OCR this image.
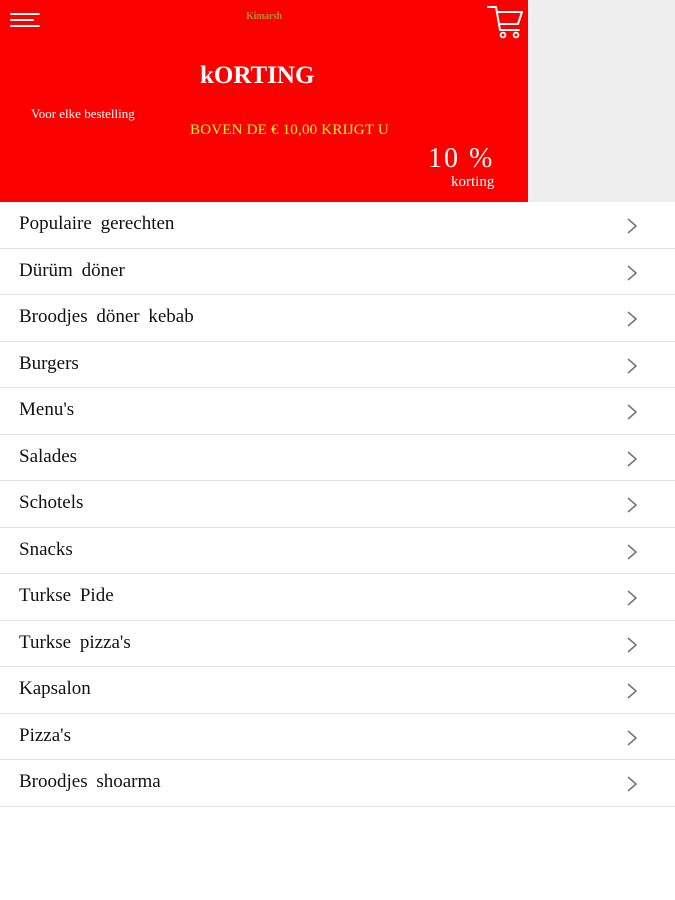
Kimarsh
kORTING
Voor elke bestelling
BOVEN DE € 10,00 KRIJGT U
10 %
korting
Populaire gerechten
Dürüm döner
Broodjes döner kebab
Burgers
Menu's
Salades
Schotels
Snacks
Turkse Pide
Turkse pizza's
Kapsalon
Pizza's
Broodjes shoarma
